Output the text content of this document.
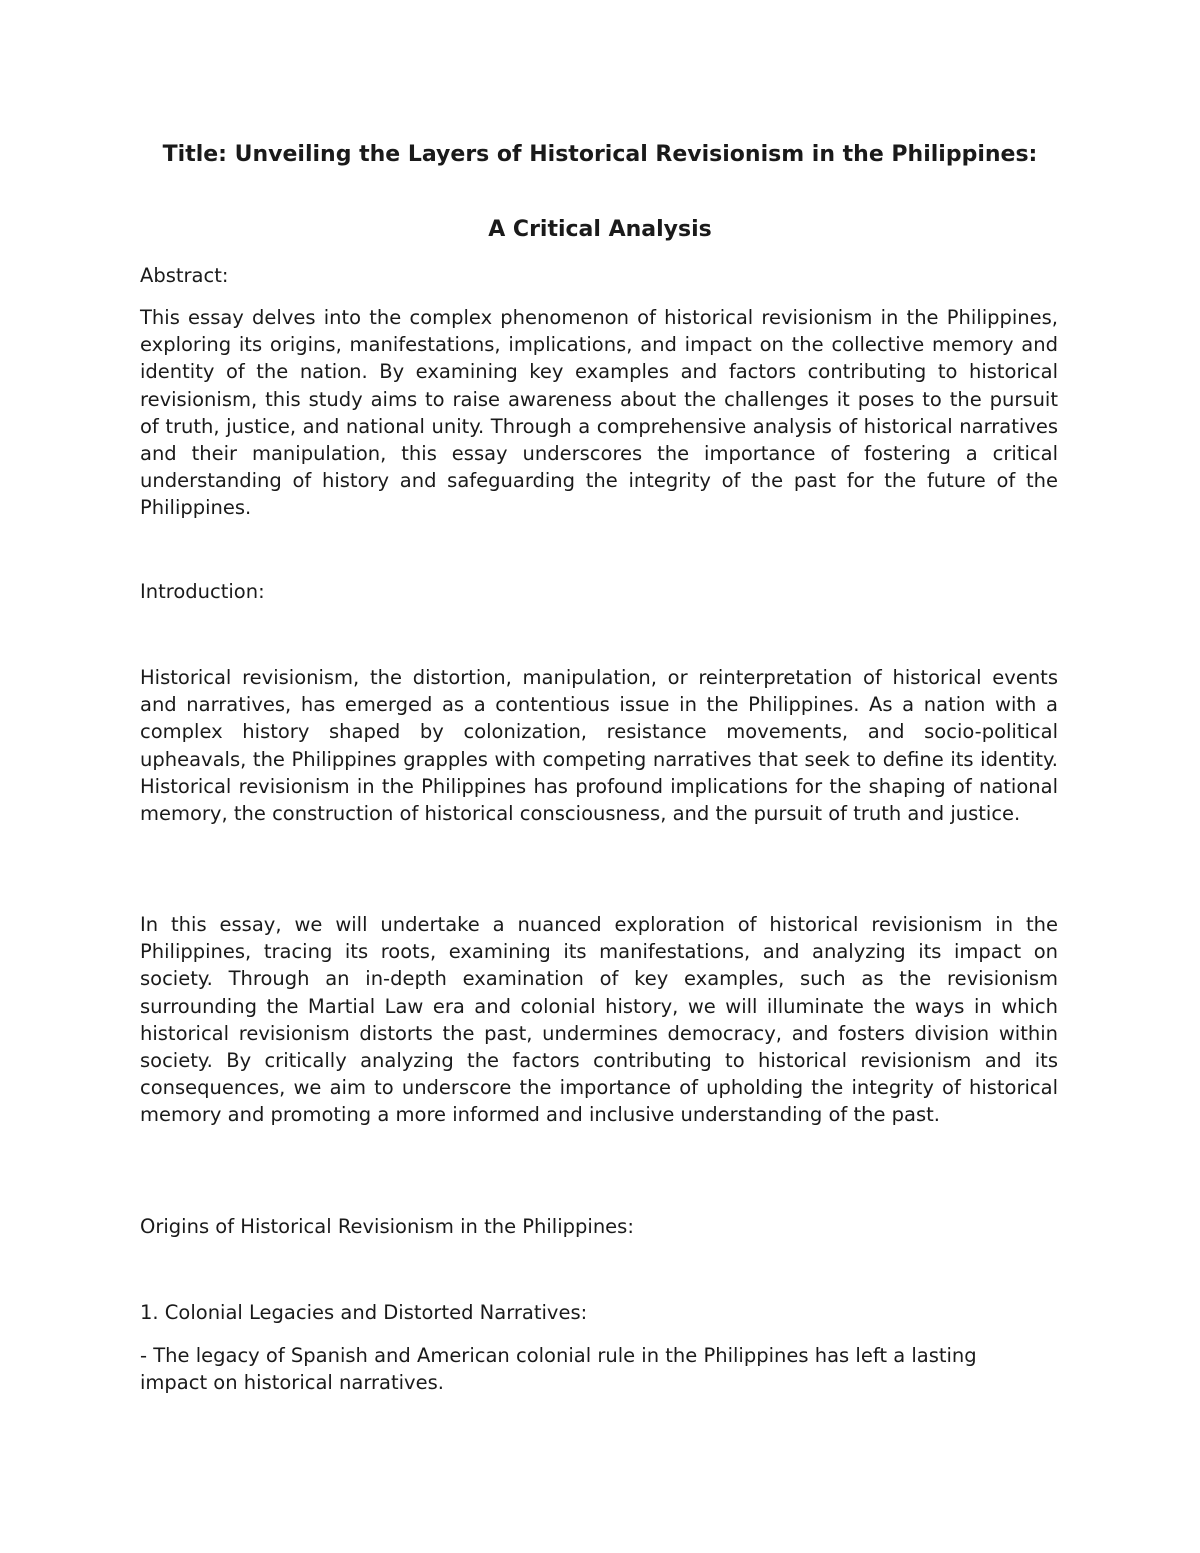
Title: Unveiling the Layers of Historical Revisionism in the Philippines:
A Critical Analysis

Abstract:

This essay delves into the complex phenomenon of historical revisionism in the Philippines, exploring its origins, manifestations, implications, and impact on the collective memory and identity of the nation. By examining key examples and factors contributing to historical revisionism, this study aims to raise awareness about the challenges it poses to the pursuit of truth, justice, and national unity. Through a comprehensive analysis of historical narratives and their manipulation, this essay underscores the importance of fostering a critical understanding of history and safeguarding the integrity of the past for the future of the Philippines.

Introduction:

Historical revisionism, the distortion, manipulation, or reinterpretation of historical events and narratives, has emerged as a contentious issue in the Philippines. As a nation with a complex history shaped by colonization, resistance movements, and socio-political upheavals, the Philippines grapples with competing narratives that seek to define its identity. Historical revisionism in the Philippines has profound implications for the shaping of national memory, the construction of historical consciousness, and the pursuit of truth and justice.

In this essay, we will undertake a nuanced exploration of historical revisionism in the Philippines, tracing its roots, examining its manifestations, and analyzing its impact on society. Through an in-depth examination of key examples, such as the revisionism surrounding the Martial Law era and colonial history, we will illuminate the ways in which historical revisionism distorts the past, undermines democracy, and fosters division within society. By critically analyzing the factors contributing to historical revisionism and its consequences, we aim to underscore the importance of upholding the integrity of historical memory and promoting a more informed and inclusive understanding of the past.

Origins of Historical Revisionism in the Philippines:

1. Colonial Legacies and Distorted Narratives:

- The legacy of Spanish and American colonial rule in the Philippines has left a lasting impact on historical narratives.
